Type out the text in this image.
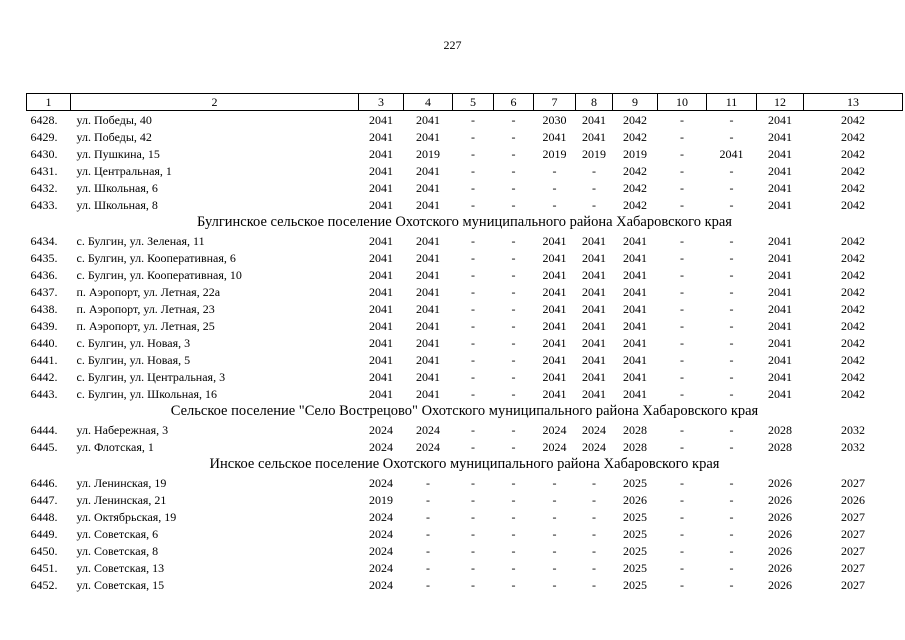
227
1	2	3	4	5	6	7	8	9	10	11	12	13
6428.	ул. Победы, 40	2041	2041	-	-	2030	2041	2042	-	-	2041	2042
6429.	ул. Победы, 42	2041	2041	-	-	2041	2041	2042	-	-	2041	2042
6430.	ул. Пушкина, 15	2041	2019	-	-	2019	2019	2019	-	2041	2041	2042
6431.	ул. Центральная, 1	2041	2041	-	-	-	-	2042	-	-	2041	2042
6432.	ул. Школьная, 6	2041	2041	-	-	-	-	2042	-	-	2041	2042
6433.	ул. Школьная, 8	2041	2041	-	-	-	-	2042	-	-	2041	2042
Булгинское сельское поселение Охотского муниципального района Хабаровского края												
6434.	с. Булгин, ул. Зеленая, 11	2041	2041	-	-	2041	2041	2041	-	-	2041	2042
6435.	с. Булгин, ул. Кооперативная, 6	2041	2041	-	-	2041	2041	2041	-	-	2041	2042
6436.	с. Булгин, ул. Кооперативная, 10	2041	2041	-	-	2041	2041	2041	-	-	2041	2042
6437.	п. Аэропорт, ул. Летная, 22а	2041	2041	-	-	2041	2041	2041	-	-	2041	2042
6438.	п. Аэропорт, ул. Летная, 23	2041	2041	-	-	2041	2041	2041	-	-	2041	2042
6439.	п. Аэропорт, ул. Летная, 25	2041	2041	-	-	2041	2041	2041	-	-	2041	2042
6440.	с. Булгин, ул. Новая, 3	2041	2041	-	-	2041	2041	2041	-	-	2041	2042
6441.	с. Булгин, ул. Новая, 5	2041	2041	-	-	2041	2041	2041	-	-	2041	2042
6442.	с. Булгин, ул. Центральная, 3	2041	2041	-	-	2041	2041	2041	-	-	2041	2042
6443.	с. Булгин, ул. Школьная, 16	2041	2041	-	-	2041	2041	2041	-	-	2041	2042
Сельское поселение "Село Вострецово" Охотского муниципального района Хабаровского края												
6444.	ул. Набережная, 3	2024	2024	-	-	2024	2024	2028	-	-	2028	2032
6445.	ул. Флотская, 1	2024	2024	-	-	2024	2024	2028	-	-	2028	2032
Инское сельское поселение Охотского муниципального района Хабаровского края												
6446.	ул. Ленинская, 19	2024	-	-	-	-	-	2025	-	-	2026	2027
6447.	ул. Ленинская, 21	2019	-	-	-	-	-	2026	-	-	2026	2026
6448.	ул. Октябрьская, 19	2024	-	-	-	-	-	2025	-	-	2026	2027
6449.	ул. Советская, 6	2024	-	-	-	-	-	2025	-	-	2026	2027
6450.	ул. Советская, 8	2024	-	-	-	-	-	2025	-	-	2026	2027
6451.	ул. Советская, 13	2024	-	-	-	-	-	2025	-	-	2026	2027
6452.	ул. Советская, 15	2024	-	-	-	-	-	2025	-	-	2026	2027
